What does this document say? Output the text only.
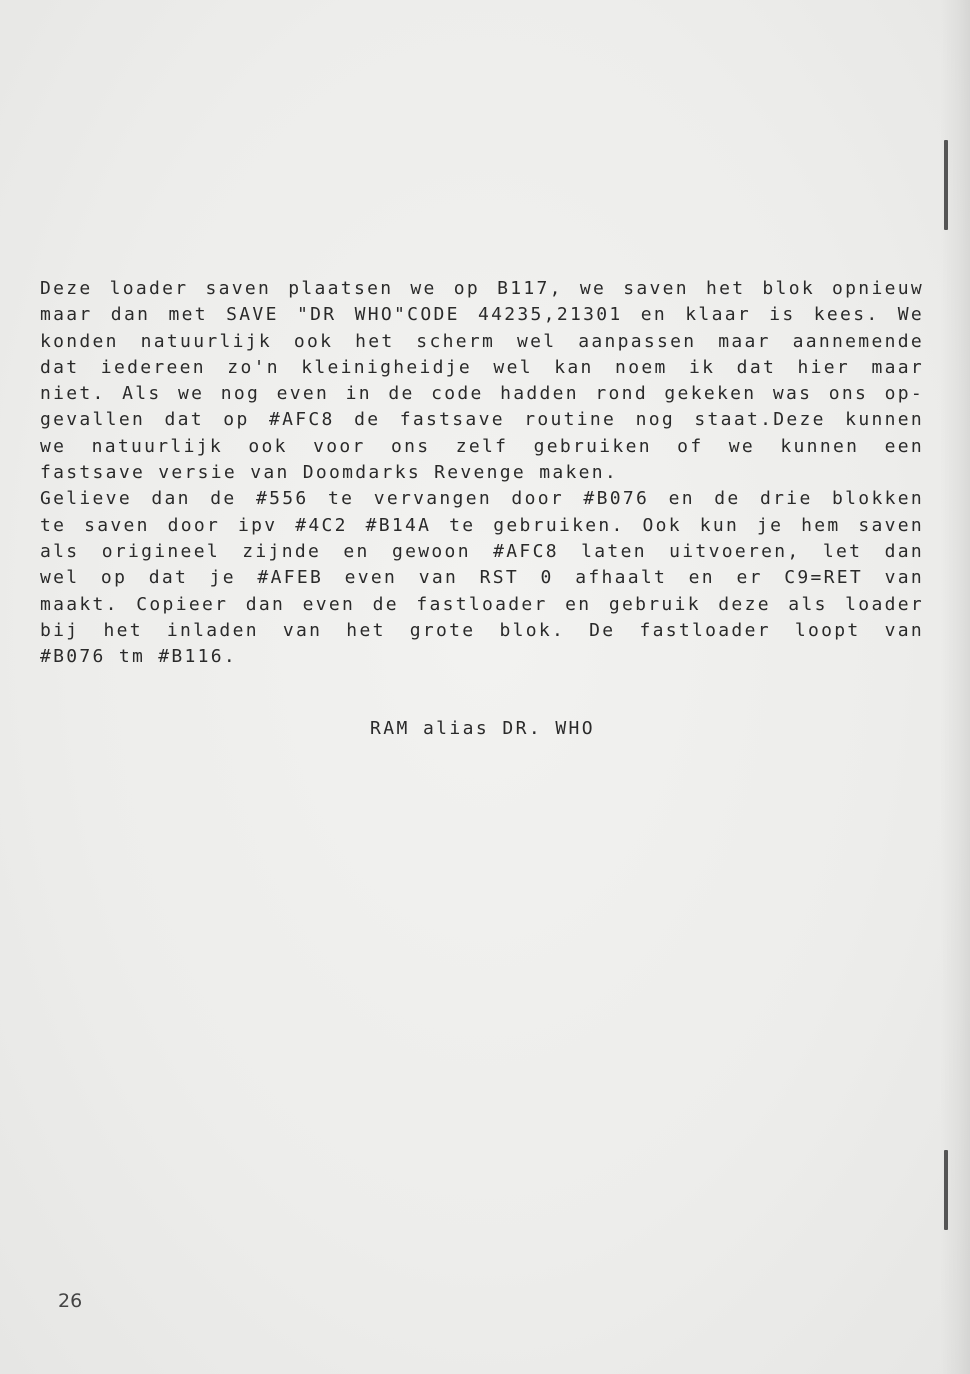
Deze loader saven plaatsen we op B117, we saven het blok opnieuw
maar dan met SAVE "DR WHO"CODE 44235,21301 en klaar is kees. We
konden natuurlijk ook het scherm wel aanpassen maar aannemende
dat iedereen zo'n kleinigheidje wel kan noem ik dat hier maar
niet. Als we nog even in de code hadden rond gekeken was ons op-
gevallen dat op #AFC8 de fastsave routine nog staat.Deze kunnen
we natuurlijk ook voor ons zelf gebruiken of we kunnen een
fastsave versie van Doomdarks Revenge maken.
Gelieve dan de #556 te vervangen door #B076 en de drie blokken
te saven door ipv #4C2 #B14A te gebruiken. Ook kun je hem saven
als origineel zijnde en gewoon #AFC8 laten uitvoeren, let dan
wel op dat je #AFEB even van RST 0 afhaalt en er C9=RET van
maakt. Copieer dan even de fastloader en gebruik deze als loader
bij het inladen van het grote blok. De fastloader loopt van
#B076 tm #B116.

RAM alias DR. WHO

26
